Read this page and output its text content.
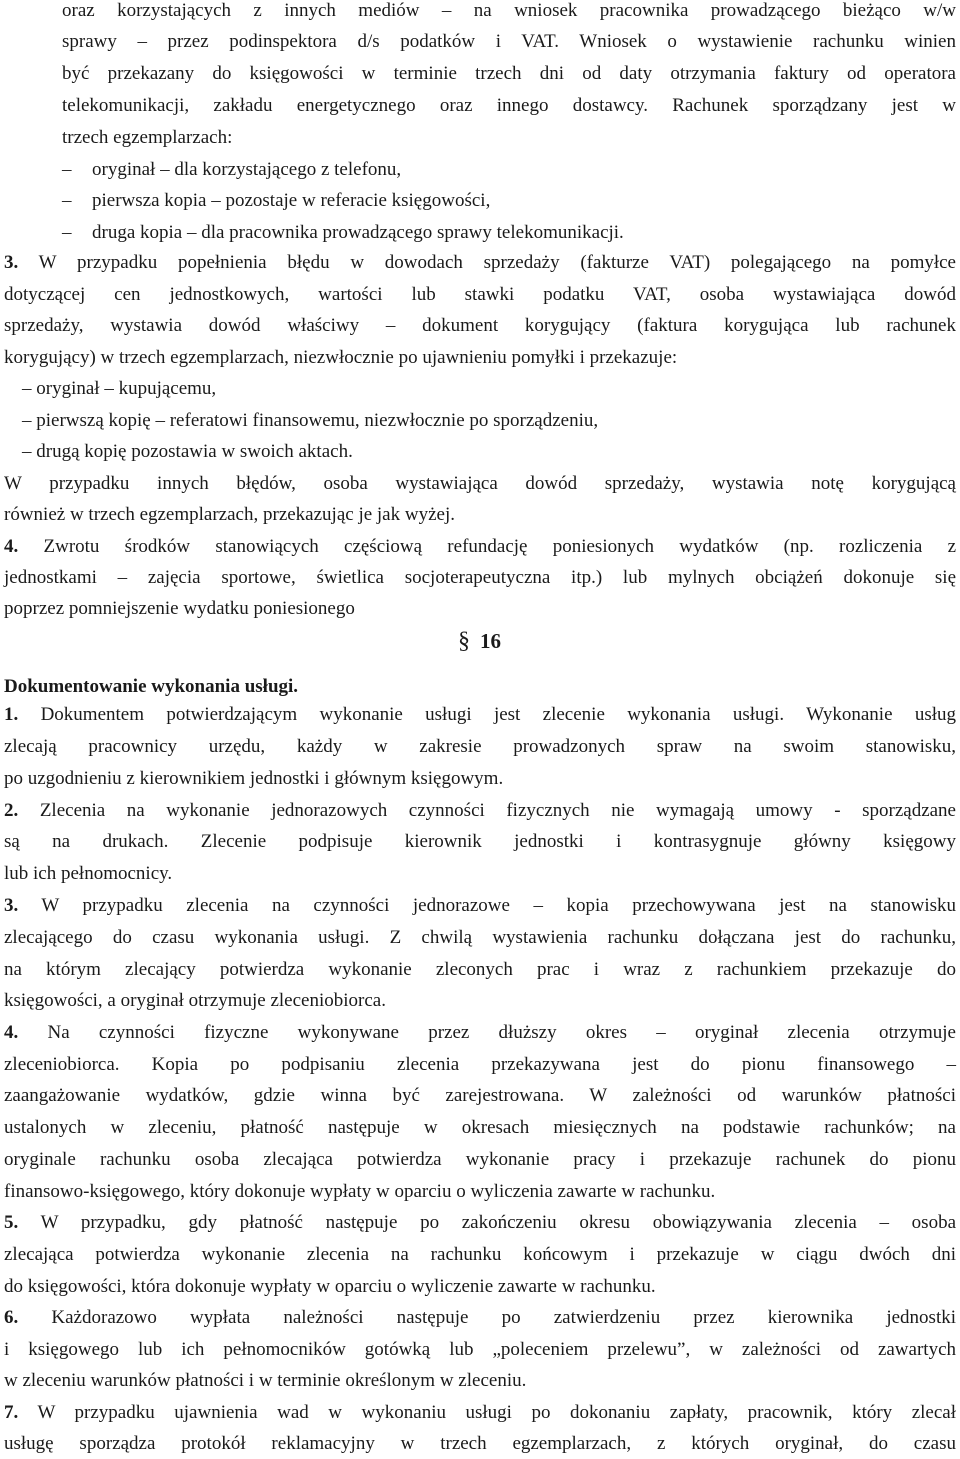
oraz korzystających z innych mediów – na wniosek pracownika prowadzącego bieżąco w/w
sprawy – przez podinspektora d/s podatków i VAT. Wniosek o wystawienie rachunku winien
być przekazany do księgowości w terminie trzech dni od daty otrzymania faktury od operatora
telekomunikacji, zakładu energetycznego oraz innego dostawcy. Rachunek sporządzany jest w
trzech egzemplarzach:
– oryginał – dla korzystającego z telefonu,
– pierwsza kopia – pozostaje w referacie księgowości,
– druga kopia – dla pracownika prowadzącego sprawy telekomunikacji.
3. W przypadku popełnienia błędu w dowodach sprzedaży (fakturze VAT) polegającego na pomyłce
dotyczącej cen jednostkowych, wartości lub stawki podatku VAT, osoba wystawiająca dowód
sprzedaży, wystawia dowód właściwy – dokument korygujący (faktura korygująca lub rachunek
korygujący) w trzech egzemplarzach, niezwłocznie po ujawnieniu pomyłki i przekazuje:
– oryginał – kupującemu,
– pierwszą kopię – referatowi finansowemu, niezwłocznie po sporządzeniu,
– drugą kopię pozostawia w swoich aktach.
W przypadku innych błędów, osoba wystawiająca dowód sprzedaży, wystawia notę korygującą
również w trzech egzemplarzach, przekazując je jak wyżej.
4. Zwrotu środków stanowiących częściową refundację poniesionych wydatków (np. rozliczenia z
jednostkami – zajęcia sportowe, świetlica socjoterapeutyczna itp.) lub mylnych obciążeń dokonuje się
poprzez pomniejszenie wydatku poniesionego
§ 16
Dokumentowanie wykonania usługi.
1. Dokumentem potwierdzającym wykonanie usługi jest zlecenie wykonania usługi. Wykonanie usług
zlecają pracownicy urzędu, każdy w zakresie prowadzonych spraw na swoim stanowisku,
po uzgodnieniu z kierownikiem jednostki i głównym księgowym.
2. Zlecenia na wykonanie jednorazowych czynności fizycznych nie wymagają umowy - sporządzane
są na drukach. Zlecenie podpisuje kierownik jednostki i kontrasygnuje główny księgowy
lub ich pełnomocnicy.
3. W przypadku zlecenia na czynności jednorazowe – kopia przechowywana jest na stanowisku
zlecającego do czasu wykonania usługi. Z chwilą wystawienia rachunku dołączana jest do rachunku,
na którym zlecający potwierdza wykonanie zleconych prac i wraz z rachunkiem przekazuje do
księgowości, a oryginał otrzymuje zleceniobiorca.
4. Na czynności fizyczne wykonywane przez dłuższy okres – oryginał zlecenia otrzymuje
zleceniobiorca. Kopia po podpisaniu zlecenia przekazywana jest do pionu finansowego –
zaangażowanie wydatków, gdzie winna być zarejestrowana. W zależności od warunków płatności
ustalonych w zleceniu, płatność następuje w okresach miesięcznych na podstawie rachunków; na
oryginale rachunku osoba zlecająca potwierdza wykonanie pracy i przekazuje rachunek do pionu
finansowo-księgowego, który dokonuje wypłaty w oparciu o wyliczenia zawarte w rachunku.
5. W przypadku, gdy płatność następuje po zakończeniu okresu obowiązywania zlecenia – osoba
zlecająca potwierdza wykonanie zlecenia na rachunku końcowym i przekazuje w ciągu dwóch dni
do księgowości, która dokonuje wypłaty w oparciu o wyliczenie zawarte w rachunku.
6. Każdorazowo wypłata należności następuje po zatwierdzeniu przez kierownika jednostki
i księgowego lub ich pełnomocników gotówką lub „poleceniem przelewu”, w zależności od zawartych
w zleceniu warunków płatności i w terminie określonym w zleceniu.
7. W przypadku ujawnienia wad w wykonaniu usługi po dokonaniu zapłaty, pracownik, który zlecał
usługę sporządza protokół reklamacyjny w trzech egzemplarzach, z których oryginał, do czasu
